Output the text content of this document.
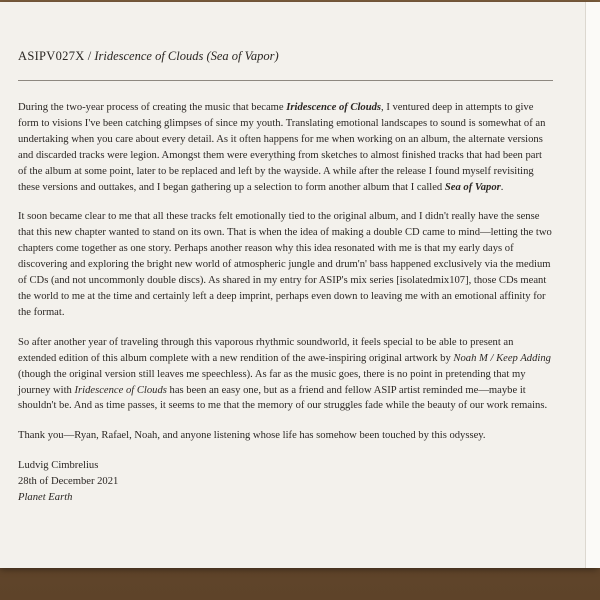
ASIPV027X / Iridescence of Clouds (Sea of Vapor)

During the two-year process of creating the music that became Iridescence of Clouds, I ventured deep in attempts to give form to visions I've been catching glimpses of since my youth. Translating emotional landscapes to sound is somewhat of an undertaking when you care about every detail. As it often happens for me when working on an album, the alternate versions and discarded tracks were legion. Amongst them were everything from sketches to almost finished tracks that had been part of the album at some point, later to be replaced and left by the wayside. A while after the release I found myself revisiting these versions and outtakes, and I began gathering up a selection to form another album that I called Sea of Vapor.

It soon became clear to me that all these tracks felt emotionally tied to the original album, and I didn't really have the sense that this new chapter wanted to stand on its own. That is when the idea of making a double CD came to mind—letting the two chapters come together as one story. Perhaps another reason why this idea resonated with me is that my early days of discovering and exploring the bright new world of atmospheric jungle and drum'n' bass happened exclusively via the medium of CDs (and not uncommonly double discs). As shared in my entry for ASIP's mix series [isolatedmix107], those CDs meant the world to me at the time and certainly left a deep imprint, perhaps even down to leaving me with an emotional affinity for the format.

So after another year of traveling through this vaporous rhythmic soundworld, it feels special to be able to present an extended edition of this album complete with a new rendition of the awe-inspiring original artwork by Noah M / Keep Adding (though the original version still leaves me speechless). As far as the music goes, there is no point in pretending that my journey with Iridescence of Clouds has been an easy one, but as a friend and fellow ASIP artist reminded me—maybe it shouldn't be. And as time passes, it seems to me that the memory of our struggles fade while the beauty of our work remains.

Thank you—Ryan, Rafael, Noah, and anyone listening whose life has somehow been touched by this odyssey.

Ludvig Cimbrelius
28th of December 2021
Planet Earth
